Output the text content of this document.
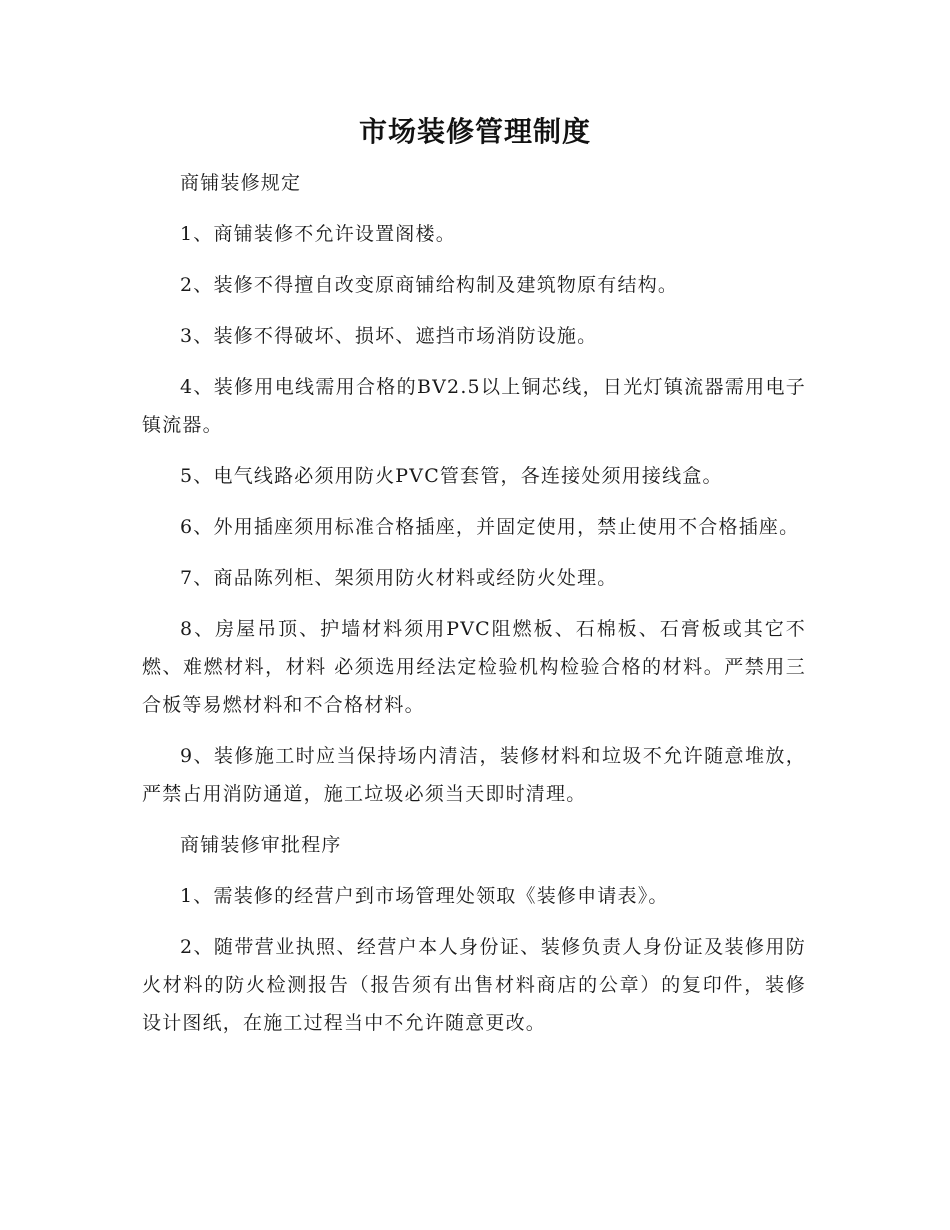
市场装修管理制度

商铺装修规定

1、商铺装修不允许设置阁楼。

2、装修不得擅自改变原商铺给构制及建筑物原有结构。

3、装修不得破坏、损坏、遮挡市场消防设施。

4、装修用电线需用合格的BV2.5以上铜芯线，日光灯镇流器需用电子镇流器。

5、电气线路必须用防火PVC管套管，各连接处须用接线盒。

6、外用插座须用标准合格插座，并固定使用，禁止使用不合格插座。

7、商品陈列柜、架须用防火材料或经防火处理。

8、房屋吊顶、护墙材料须用PVC阻燃板、石棉板、石膏板或其它不燃、难燃材料，材料 必须选用经法定检验机构检验合格的材料。严禁用三合板等易燃材料和不合格材料。

9、装修施工时应当保持场内清洁，装修材料和垃圾不允许随意堆放，严禁占用消防通道，施工垃圾必须当天即时清理。

商铺装修审批程序

1、需装修的经营户到市场管理处领取《装修申请表》。

2、随带营业执照、经营户本人身份证、装修负责人身份证及装修用防火材料的防火检测报告（报告须有出售材料商店的公章）的复印件，装修设计图纸，在施工过程当中不允许随意更改。
